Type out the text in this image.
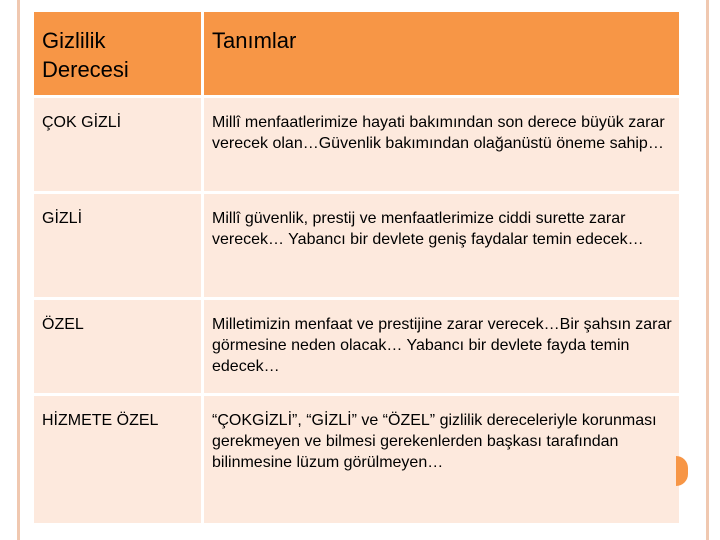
Gizlilik Derecesi	Tanımlar
ÇOK GİZLİ	Millî menfaatlerimize hayati bakımından son derece büyük zarar verecek olan…Güvenlik bakımından olağanüstü öneme sahip…
GİZLİ	Millî güvenlik, prestij ve menfaatlerimize ciddi surette zarar verecek… Yabancı bir devlete geniş faydalar temin edecek…
ÖZEL	Milletimizin menfaat ve prestijine zarar verecek…Bir şahsın zarar görmesine neden olacak… Yabancı bir devlete fayda temin edecek…
HİZMETE ÖZEL	“ÇOKGİZLİ”, “GİZLİ” ve “ÖZEL” gizlilik dereceleriyle korunması gerekmeyen ve bilmesi gerekenlerden başkası tarafından bilinmesine lüzum görülmeyen…
